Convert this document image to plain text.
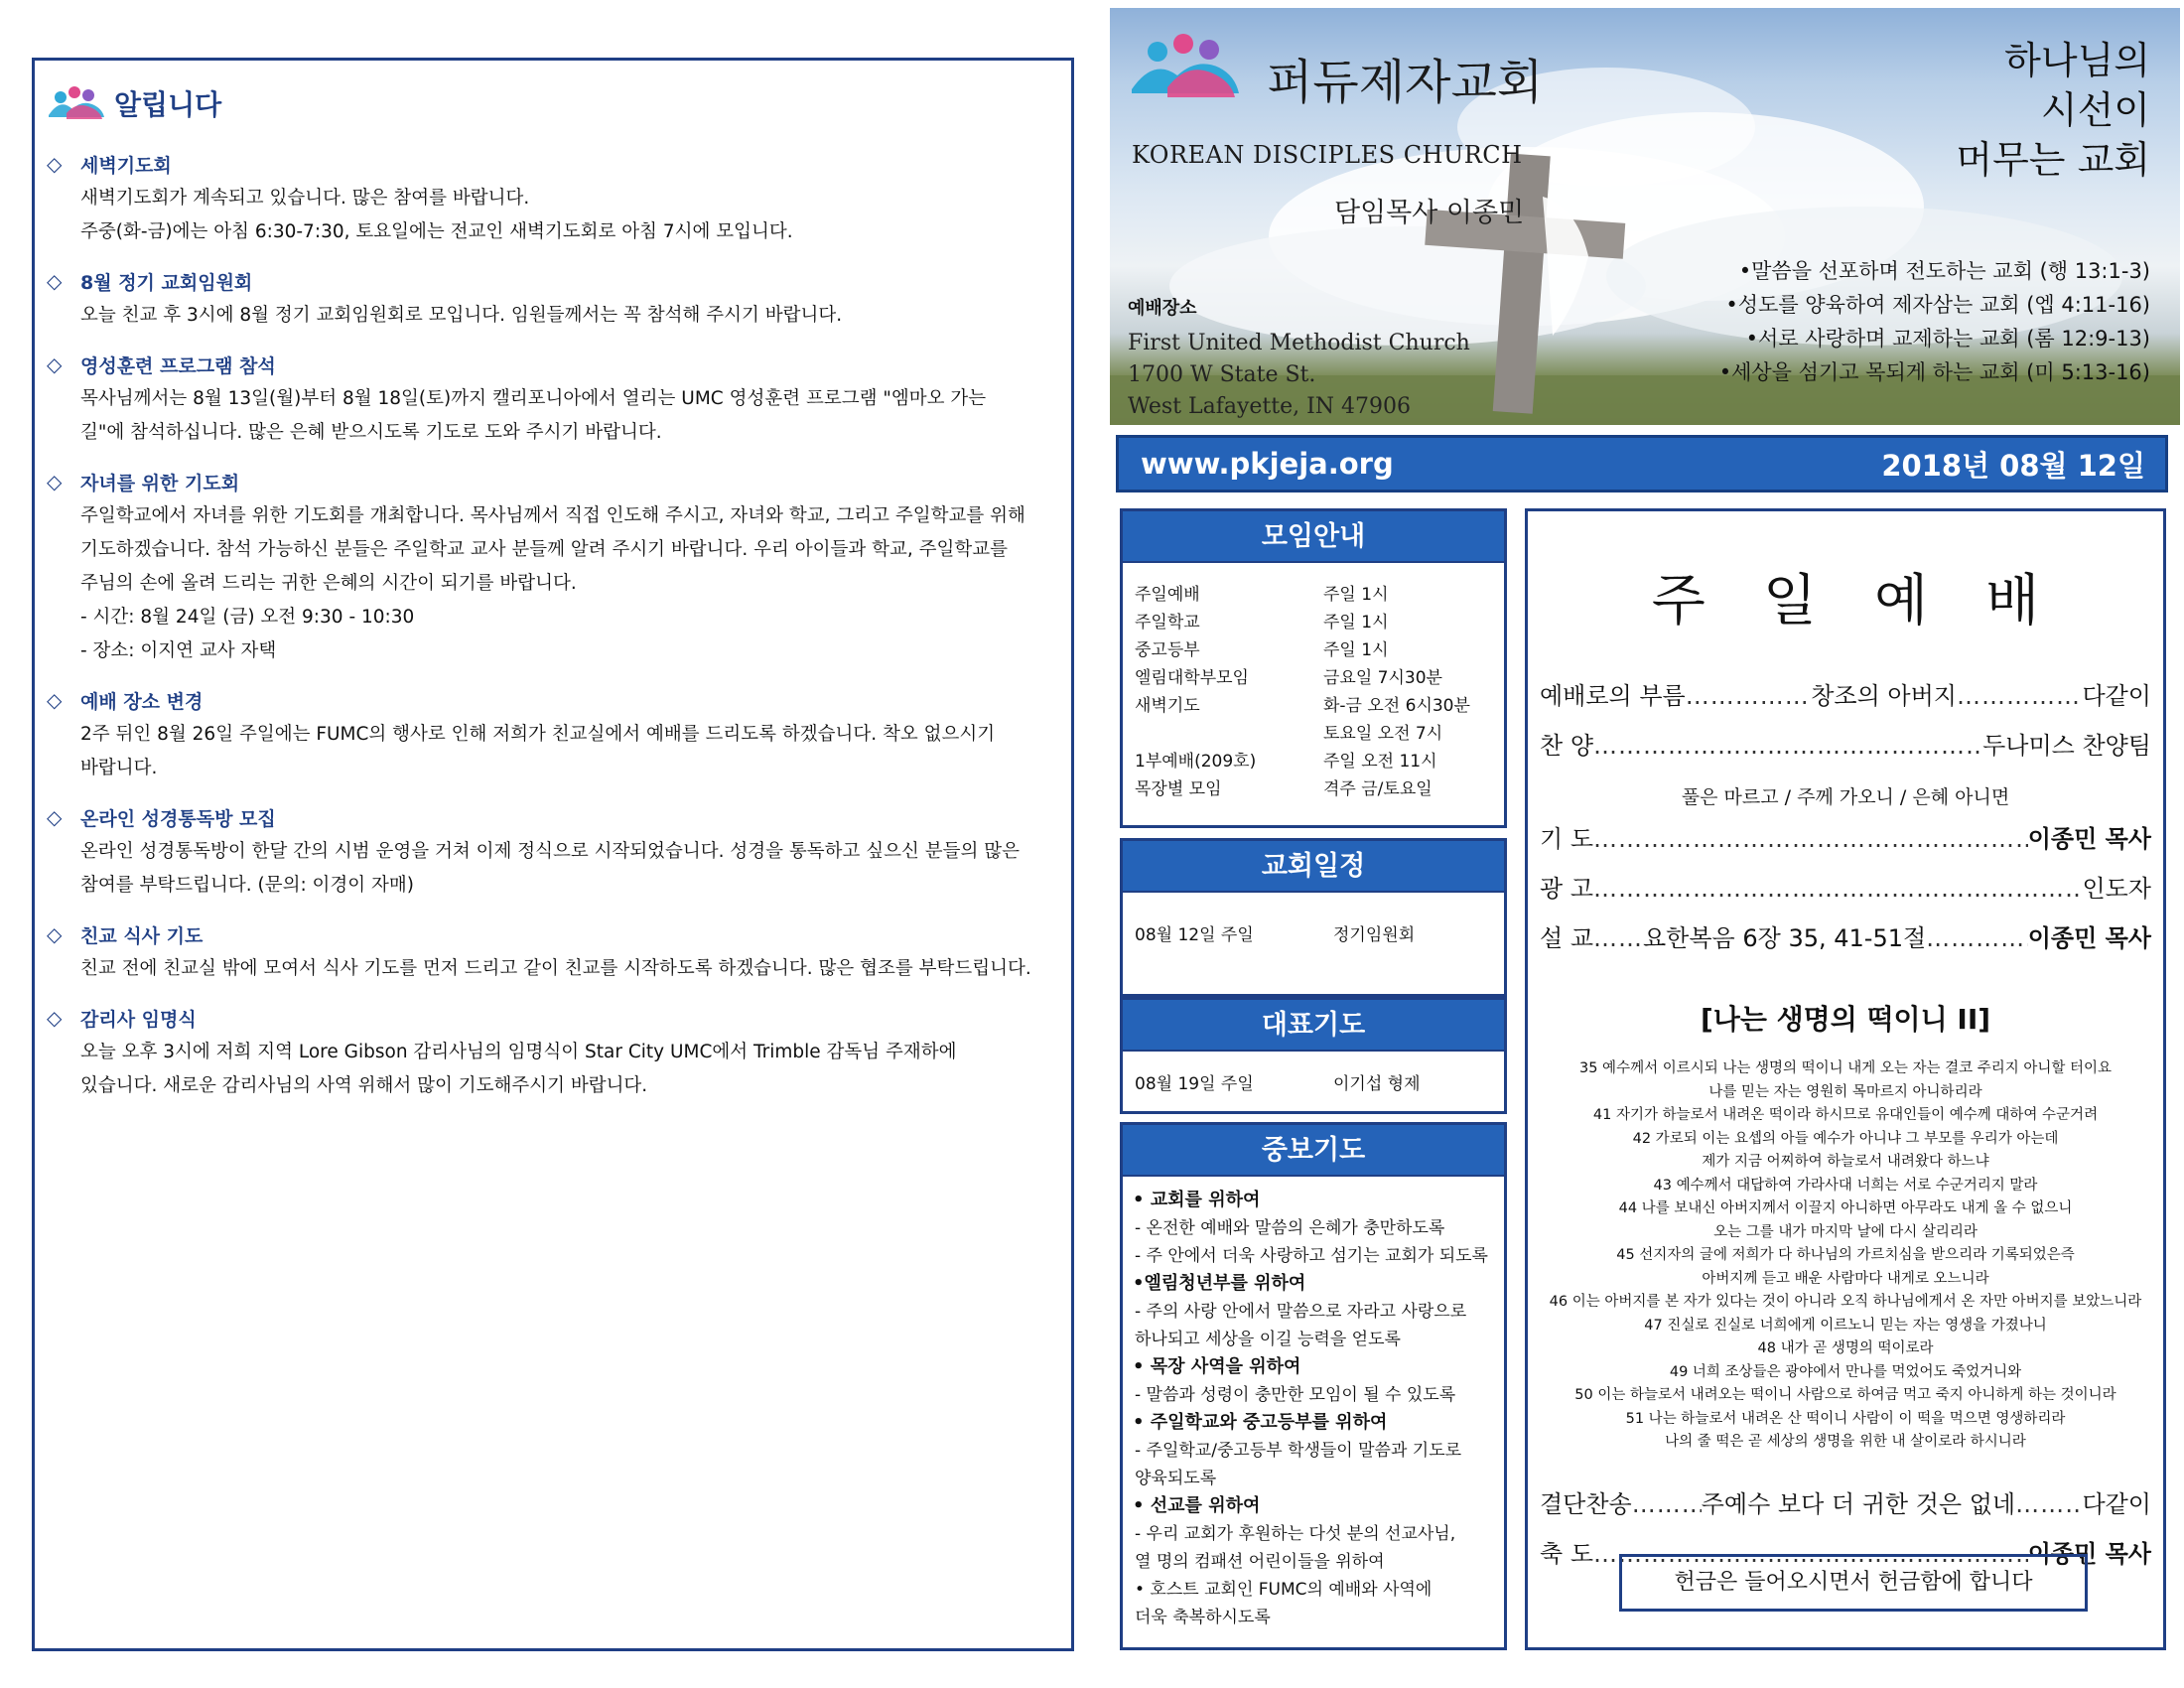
알립니다
◇ 세벽기도회

새벽기도회가 계속되고 있습니다. 많은 참여를 바랍니다.

주중(화-금)에는 아침 6:30-7:30, 토요일에는 전교인 새벽기도회로 아침 7시에 모입니다.

◇ 8월 정기 교회임원회

오늘 친교 후 3시에 8월 정기 교회임원회로 모입니다. 임원들께서는 꼭 참석해 주시기 바랍니다.

◇ 영성훈련 프로그램 참석

목사님께서는 8월 13일(월)부터 8월 18일(토)까지 캘리포니아에서 열리는 UMC 영성훈련 프로그램 "엠마오 가는

길"에 참석하십니다. 많은 은혜 받으시도록 기도로 도와 주시기 바랍니다.

◇ 자녀를 위한 기도회

주일학교에서 자녀를 위한 기도회를 개최합니다. 목사님께서 직접 인도해 주시고, 자녀와 학교, 그리고 주일학교를 위해

기도하겠습니다. 참석 가능하신 분들은 주일학교 교사 분들께 알려 주시기 바랍니다. 우리 아이들과 학교, 주일학교를

주님의 손에 올려 드리는 귀한 은혜의 시간이 되기를 바랍니다.

- 시간: 8월 24일 (금) 오전 9:30 - 10:30

- 장소: 이지연 교사 자택

◇ 예배 장소 변경

2주 뒤인 8월 26일 주일에는 FUMC의 행사로 인해 저희가 친교실에서 예배를 드리도록 하겠습니다. 착오 없으시기

바랍니다.

◇ 온라인 성경통독방 모집

온라인 성경통독방이 한달 간의 시범 운영을 거쳐 이제 정식으로 시작되었습니다. 성경을 통독하고 싶으신 분들의 많은

참여를 부탁드립니다. (문의: 이경이 자매)

◇ 친교 식사 기도

친교 전에 친교실 밖에 모여서 식사 기도를 먼저 드리고 같이 친교를 시작하도록 하겠습니다. 많은 협조를 부탁드립니다.

◇ 감리사 임명식

오늘 오후 3시에 저희 지역 Lore Gibson 감리사님의 임명식이 Star City UMC에서 Trimble 감독님 주재하에

있습니다. 새로운 감리사님의 사역 위해서 많이 기도해주시기 바랍니다.

퍼듀제자교회
KOREAN DISCIPLES CHURCH
담임목사 이종민
하나님의
시선이
머무는 교회
예배장소
First United Methodist Church
1700 W State St.
West Lafayette, IN 47906
•말씀을 선포하며 전도하는 교회 (행 13:1-3)
•성도를 양육하여 제자삼는 교회 (엡 4:11-16)
•서로 사랑하며 교제하는 교회 (롬 12:9-13)
•세상을 섬기고 목되게 하는 교회 (미 5:13-16)
www.pkjeja.org	2018년 08월 12일
모임안내
주일예배	주일 1시
주일학교	주일 1시
중고등부	주일 1시
엘림대학부모임	금요일 7시30분
새벽기도	화-금 오전 6시30분
토요일 오전 7시
1부예배(209호)	주일 오전 11시
목장별 모임	격주 금/토요일
교회일정
08월 12일 주일	정기임원회
대표기도
08월 19일 주일	이기섭 형제
중보기도
• 교회를 위하여
- 온전한 예배와 말씀의 은혜가 충만하도록
- 주 안에서 더욱 사랑하고 섬기는 교회가 되도록
•엘림청년부를 위하여
- 주의 사랑 안에서 말씀으로 자라고 사랑으로
하나되고 세상을 이길 능력을 얻도록
• 목장 사역을 위하여
- 말씀과 성령이 충만한 모임이 될 수 있도록
• 주일학교와 중고등부를 위하여
- 주일학교/중고등부 학생들이 말씀과 기도로
양육되도록
• 선교를 위하여
- 우리 교회가 후원하는 다섯 분의 선교사님,
열 명의 컴패션 어린이들을 위하여
• 호스트 교회인 FUMC의 예배와 사역에
더욱 축복하시도록
주일예배
예배로의 부름 ……………………………………………………………………………………………………………	창조의 아버지 ……………………………………………………………………………………………………………	다같이
찬 양 ……………………………………………………………………………………………………………	두나미스 찬양팀
풀은 마르고 / 주께 가오니 / 은혜 아니면
기 도 ……………………………………………………………………………………………………………	이종민 목사
광 고 ……………………………………………………………………………………………………………	인도자
설 교 …………………………………………………………………………………………………………… 요한복음 6장 35, 41-51절 ……………………………………………………………………………………………………………	이종민 목사
[나는 생명의 떡이니 II]
35 예수께서 이르시되 나는 생명의 떡이니 내게 오는 자는 결코 주리지 아니할 터이요
나를 믿는 자는 영원히 목마르지 아니하리라
41 자기가 하늘로서 내려온 떡이라 하시므로 유대인들이 예수께 대하여 수군거려
42 가로되 이는 요셉의 아들 예수가 아니냐 그 부모를 우리가 아는데
제가 지금 어찌하여 하늘로서 내려왔다 하느냐
43 예수께서 대답하여 가라사대 너희는 서로 수군거리지 말라
44 나를 보내신 아버지께서 이끌지 아니하면 아무라도 내게 올 수 없으니
오는 그를 내가 마지막 날에 다시 살리리라
45 선지자의 글에 저희가 다 하나님의 가르치심을 받으리라 기록되었은즉
아버지께 듣고 배운 사람마다 내게로 오느니라
46 이는 아버지를 본 자가 있다는 것이 아니라 오직 하나님에게서 온 자만 아버지를 보았느니라
47 진실로 진실로 너희에게 이르노니 믿는 자는 영생을 가졌나니
48 내가 곧 생명의 떡이로라
49 너희 조상들은 광야에서 만나를 먹었어도 죽었거니와
50 이는 하늘로서 내려오는 떡이니 사람으로 하여금 먹고 죽지 아니하게 하는 것이니라
51 나는 하늘로서 내려온 산 떡이니 사람이 이 떡을 먹으면 영생하리라
나의 줄 떡은 곧 세상의 생명을 위한 내 살이로라 하시니라
결단찬송 ……………………………………………………………………………………………………………	주예수 보다 더 귀한 것은 없네 ……………………………………………………………………………………………………………	다같이
축 도 ……………………………………………………………………………………………………………	이종민 목사
헌금은 들어오시면서 헌금함에 합니다
